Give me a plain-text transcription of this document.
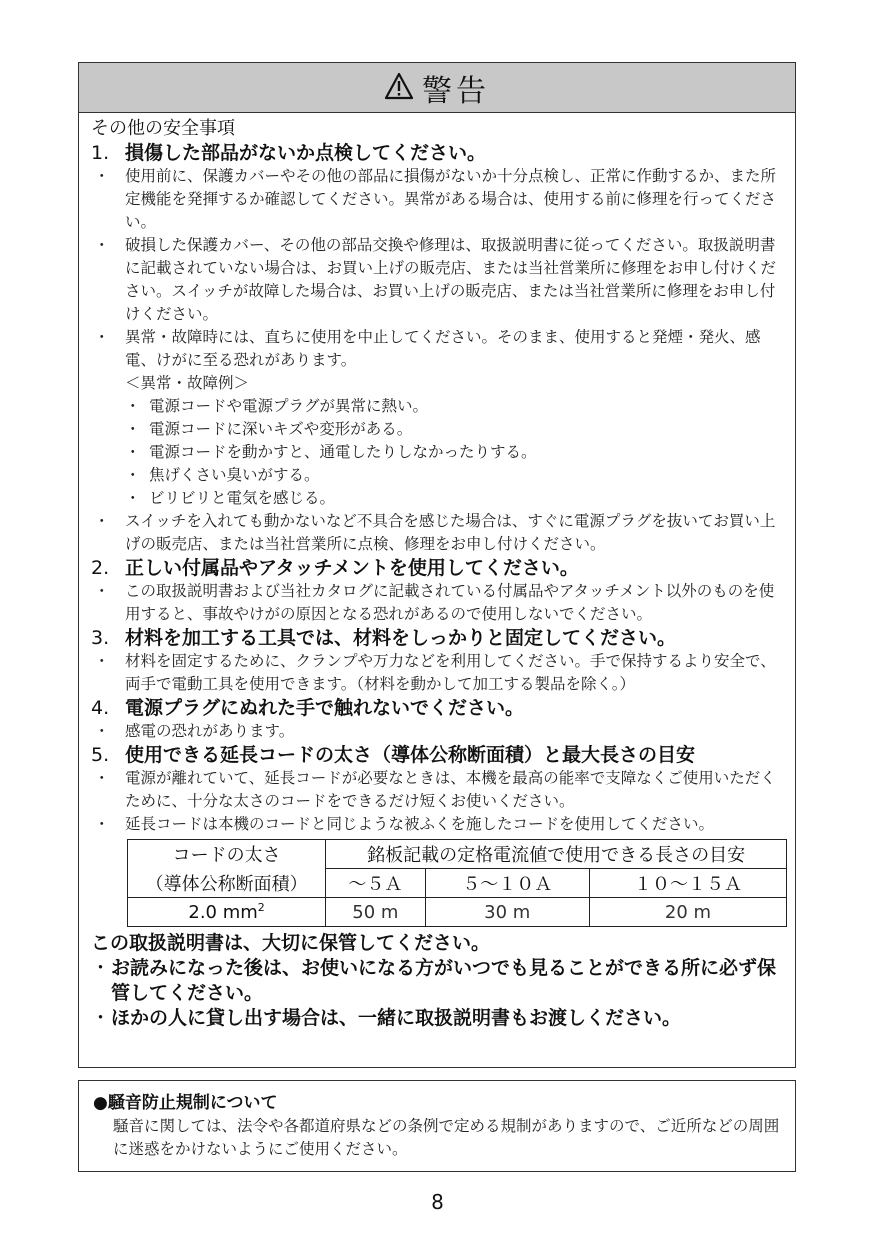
警告

その他の安全事項

1. 損傷した部品がないか点検してください。

・ 使用前に、保護カバーやその他の部品に損傷がないか十分点検し、正常に作動するか、また所定機能を発揮するか確認してください。異常がある場合は、使用する前に修理を行ってください。
・ 破損した保護カバー、その他の部品交換や修理は、取扱説明書に従ってください。取扱説明書に記載されていない場合は、お買い上げの販売店、または当社営業所に修理をお申し付けください。スイッチが故障した場合は、お買い上げの販売店、または当社営業所に修理をお申し付けください。
・ 異常・故障時には、直ちに使用を中止してください。そのまま、使用すると発煙・発火、感電、けがに至る恐れがあります。
＜異常・故障例＞
・ 電源コードや電源プラグが異常に熱い。
・ 電源コードに深いキズや変形がある。
・ 電源コードを動かすと、通電したりしなかったりする。
・ 焦げくさい臭いがする。
・ ビリビリと電気を感じる。
・ スイッチを入れても動かないなど不具合を感じた場合は、すぐに電源プラグを抜いてお買い上げの販売店、または当社営業所に点検、修理をお申し付けください。

2. 正しい付属品やアタッチメントを使用してください。

・ この取扱説明書および当社カタログに記載されている付属品やアタッチメント以外のものを使用すると、事故やけがの原因となる恐れがあるので使用しないでください。

3. 材料を加工する工具では、材料をしっかりと固定してください。

・ 材料を固定するために、クランプや万力などを利用してください。手で保持するより安全で、両手で電動工具を使用できます。（材料を動かして加工する製品を除く。）

4. 電源プラグにぬれた手で触れないでください。

・ 感電の恐れがあります。

5. 使用できる延長コードの太さ（導体公称断面積）と最大長さの目安

・ 電源が離れていて、延長コードが必要なときは、本機を最高の能率で支障なくご使用いただくために、十分な太さのコードをできるだけ短くお使いください。
・ 延長コードは本機のコードと同じような被ふくを施したコードを使用してください。
コードの太さ	銘板記載の定格電流値で使用できる長さの目安		
（導体公称断面積）	～５Ａ	５～１０Ａ	１０～１５Ａ
2.0 $mm^2$	50 m	30 m	20 m

この取扱説明書は、大切に保管してください。

・ お読みになった後は、お使いになる方がいつでも見ることができる所に必ず保管してください。
・ ほかの人に貸し出す場合は、一緒に取扱説明書もお渡しください。
●騒音防止規制について
騒音に関しては、法令や各都道府県などの条例で定める規制がありますので、ご近所などの周囲に迷惑をかけないようにご使用ください。
8
